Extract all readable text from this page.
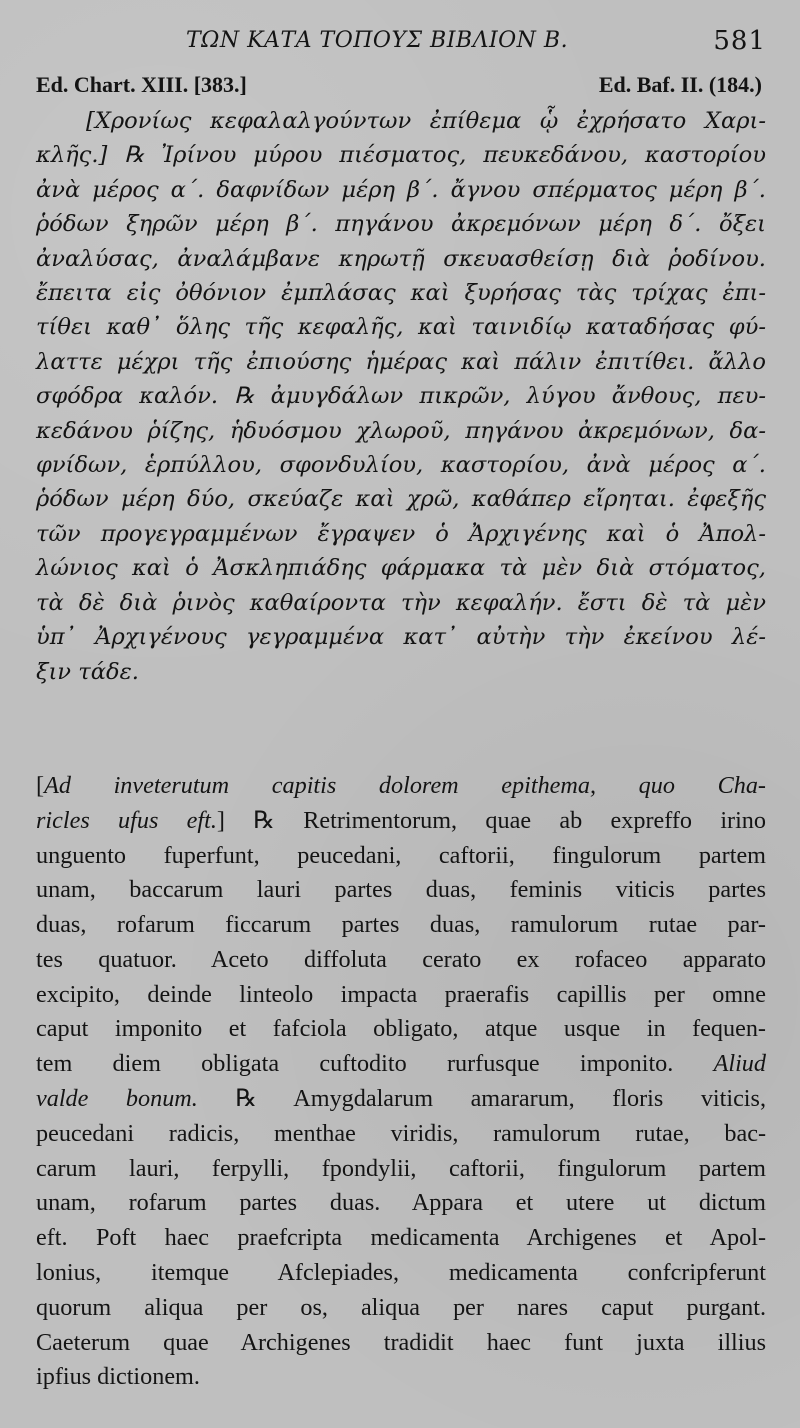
ΤΩΝ ΚΑΤΑ ΤΟΠΟΥΣ ΒΙΒΛΙΟΝ Β.	581
Ed. Chart. XIII. [383.]	Ed. Baf. II. (184.)
[Χρονίως κεφαλαλγούντων ἐπίθεμα ᾧ ἐχρήσατο Χαρι-
κλῆς.] ℞ Ἰρίνου μύρου πιέσματος, πευκεδάνου, καστορίου
ἀνὰ μέρος α΄. δαφνίδων μέρη β΄. ἄγνου σπέρματος μέρη β΄.
ῥόδων ξηρῶν μέρη β΄. πηγάνου ἀκρεμόνων μέρη δ΄. ὄξει
ἀναλύσας, ἀναλάμβανε κηρωτῇ σκευασθείσῃ διὰ ῥοδίνου.
ἔπειτα εἰς ὀθόνιον ἐμπλάσας καὶ ξυρήσας τὰς τρίχας ἐπι-
τίθει καθ᾽ ὅλης τῆς κεφαλῆς, καὶ ταινιδίῳ καταδήσας φύ-
λαττε μέχρι τῆς ἐπιούσης ἡμέρας καὶ πάλιν ἐπιτίθει. ἄλλο
σφόδρα καλόν. ℞ ἀμυγδάλων πικρῶν, λύγου ἄνθους, πευ-
κεδάνου ῥίζης, ἡδυόσμου χλωροῦ, πηγάνου ἀκρεμόνων, δα-
φνίδων, ἑρπύλλου, σφονδυλίου, καστορίου, ἀνὰ μέρος α΄.
ῥόδων μέρη δύο, σκεύαζε καὶ χρῶ, καθάπερ εἴρηται. ἐφεξῆς
τῶν προγεγραμμένων ἔγραψεν ὁ Ἀρχιγένης καὶ ὁ Ἀπολ-
λώνιος καὶ ὁ Ἀσκληπιάδης φάρμακα τὰ μὲν διὰ στόματος,
τὰ δὲ διὰ ῥινὸς καθαίροντα τὴν κεφαλήν. ἔστι δὲ τὰ μὲν
ὑπ᾽ Ἀρχιγένους γεγραμμένα κατ᾽ αὐτὴν τὴν ἐκείνου λέ-
ξιν τάδε.
[Ad inveterutum capitis dolorem epithema, quo Cha-
ricles ufus eft.] ℞ Retrimentorum, quae ab expreffo irino
unguento fuperfunt, peucedani, caftorii, fingulorum partem
unam, baccarum lauri partes duas, feminis viticis partes
duas, rofarum ficcarum partes duas, ramulorum rutae par-
tes quatuor. Aceto diffoluta cerato ex rofaceo apparato
excipito, deinde linteolo impacta praerafis capillis per omne
caput imponito et fafciola obligato, atque usque in fequen-
tem diem obligata cuftodito rurfusque imponito. Aliud
valde bonum. ℞ Amygdalarum amararum, floris viticis,
peucedani radicis, menthae viridis, ramulorum rutae, bac-
carum lauri, ferpylli, fpondylii, caftorii, fingulorum partem
unam, rofarum partes duas. Appara et utere ut dictum
eft. Poft haec praefcripta medicamenta Archigenes et Apol-
lonius, itemque Afclepiades, medicamenta confcripferunt
quorum aliqua per os, aliqua per nares caput purgant.
Caeterum quae Archigenes tradidit haec funt juxta illius
ipfius dictionem.
